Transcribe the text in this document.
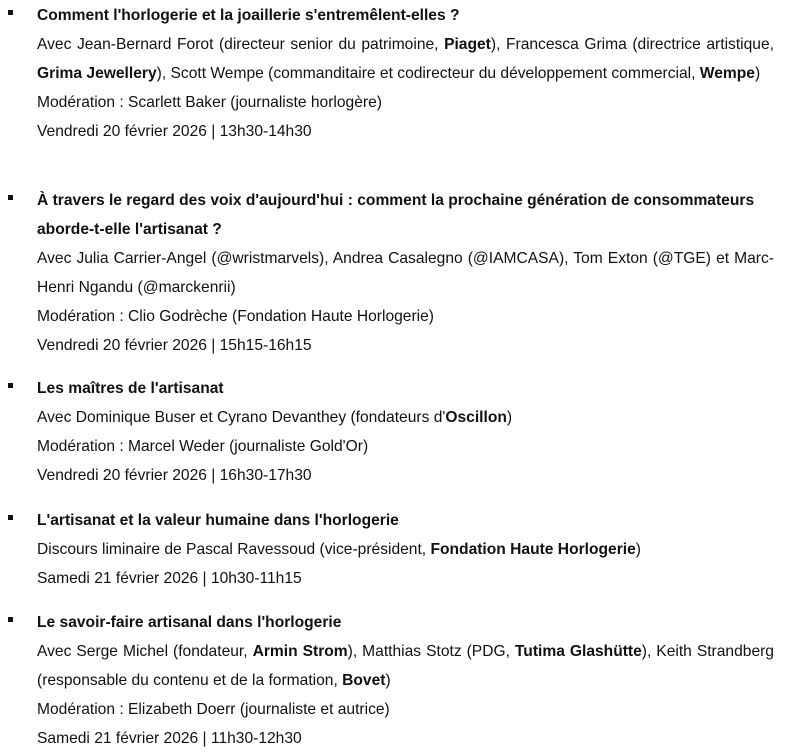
Comment l'horlogerie et la joaillerie s'entremêlent-elles ?

Avec Jean-Bernard Forot (directeur senior du patrimoine, Piaget), Francesca Grima (directrice artistique, Grima Jewellery), Scott Wempe (commanditaire et codirecteur du développement commercial, Wempe)

Modération : Scarlett Baker (journaliste horlogère)

Vendredi 20 février 2026 | 13h30-14h30

À travers le regard des voix d'aujourd'hui : comment la prochaine génération de consommateurs aborde-t-elle l'artisanat ?

Avec Julia Carrier-Angel (@wristmarvels), Andrea Casalegno (@IAMCASA), Tom Exton (@TGE) et Marc-Henri Ngandu (@marckenrii)

Modération : Clio Godrèche (Fondation Haute Horlogerie)

Vendredi 20 février 2026 | 15h15-16h15

Les maîtres de l'artisanat

Avec Dominique Buser et Cyrano Devanthey (fondateurs d'Oscillon)

Modération : Marcel Weder (journaliste Gold'Or)

Vendredi 20 février 2026 | 16h30-17h30

L'artisanat et la valeur humaine dans l'horlogerie

Discours liminaire de Pascal Ravessoud (vice-président, Fondation Haute Horlogerie)

Samedi 21 février 2026 | 10h30-11h15

Le savoir-faire artisanal dans l'horlogerie

Avec Serge Michel (fondateur, Armin Strom), Matthias Stotz (PDG, Tutima Glashütte), Keith Strandberg (responsable du contenu et de la formation, Bovet)

Modération : Elizabeth Doerr (journaliste et autrice)

Samedi 21 février 2026 | 11h30-12h30
